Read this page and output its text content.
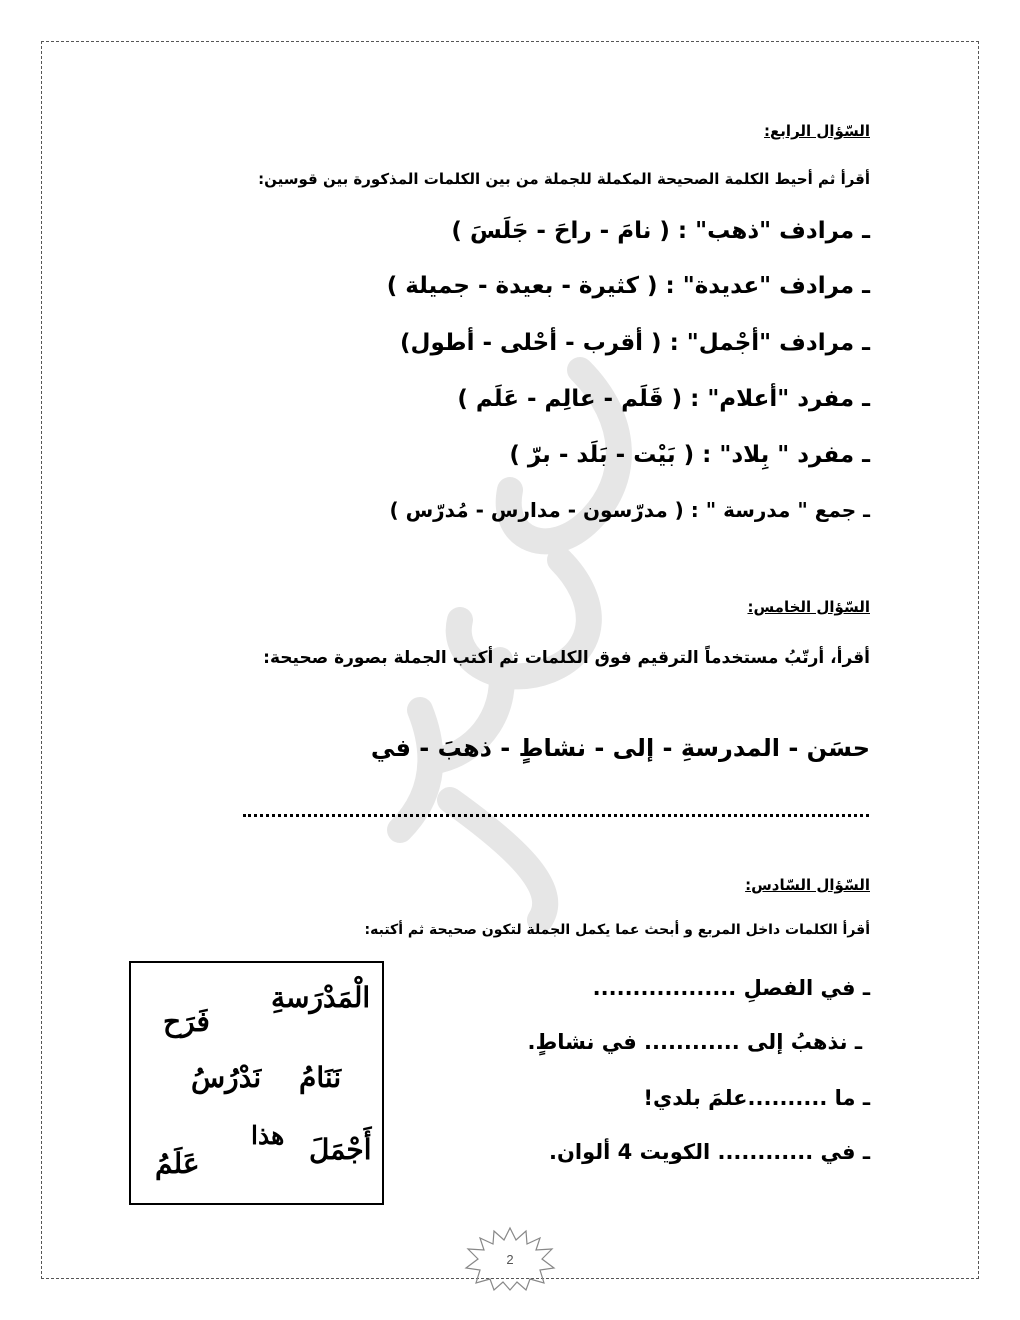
السّؤال الرابع:
أقرأ ثم أحيط الكلمة الصحيحة المكملة للجملة من بين الكلمات المذكورة بين قوسين:
ـ مرادف "ذهب" : ( نامَ - راحَ - جَلَسَ )
ـ مرادف "عديدة" : ( كثيرة - بعيدة - جميلة )
ـ مرادف "أجْمل" : ( أقرب - أحْلى - أطول)
ـ مفرد "أعلام" : ( قَلَم - عالِم - عَلَم )
ـ مفرد " بِلاد" : ( بَيْت - بَلَد - برّ )
ـ جمع " مدرسة " : ( مدرّسون - مدارس - مُدرّس )
السّؤال الخامس:
أقرأ، أرتّبُ مستخدماً الترقيم فوق الكلمات ثم أكتب الجملة بصورة صحيحة:
حسَن - المدرسةِ - إلى - نشاطٍ - ذهبَ - في
السّؤال السّادس:
أقرأ الكلمات داخل المربع و أبحث عما يكمل الجملة لتكون صحيحة ثم أكتبه:
الْمَدْرَسةِ
فَرَح
نَنَامُ
نَدْرُسُ
هذا أَجْمَلَ
عَلَمُ
ـ في الفصلِ ..................
ـ نذهبُ إلى ............ في نشاطٍ.
ـ ما ..........علمَ بلدي!
ـ في ............ الكويت 4 ألوان.
2
